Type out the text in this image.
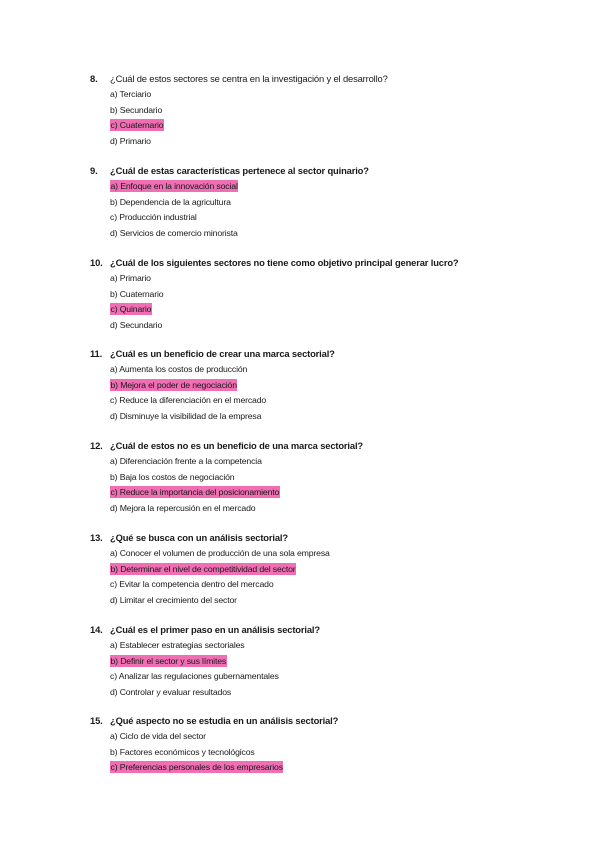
8.	¿Cuál de estos sectores se centra en la investigación y el desarrollo?
a) Terciario
b) Secundario
c) Cuaternario
d) Primario
9.	¿Cuál de estas características pertenece al sector quinario?
a) Enfoque en la innovación social
b) Dependencia de la agricultura
c) Producción industrial
d) Servicios de comercio minorista
10. ¿Cuál de los siguientes sectores no tiene como objetivo principal generar lucro?
a) Primario
b) Cuaternario
c) Quinario
d) Secundario
11. ¿Cuál es un beneficio de crear una marca sectorial?
a) Aumenta los costos de producción
b) Mejora el poder de negociación
c) Reduce la diferenciación en el mercado
d) Disminuye la visibilidad de la empresa
12. ¿Cuál de estos no es un beneficio de una marca sectorial?
a) Diferenciación frente a la competencia
b) Baja los costos de negociación
c) Reduce la importancia del posicionamiento
d) Mejora la repercusión en el mercado
13. ¿Qué se busca con un análisis sectorial?
a) Conocer el volumen de producción de una sola empresa
b) Determinar el nivel de competitividad del sector
c) Evitar la competencia dentro del mercado
d) Limitar el crecimiento del sector
14. ¿Cuál es el primer paso en un análisis sectorial?
a) Establecer estrategias sectoriales
b) Definir el sector y sus límites
c) Analizar las regulaciones gubernamentales
d) Controlar y evaluar resultados
15. ¿Qué aspecto no se estudia en un análisis sectorial?
a) Ciclo de vida del sector
b) Factores económicos y tecnológicos
c) Preferencias personales de los empresarios
